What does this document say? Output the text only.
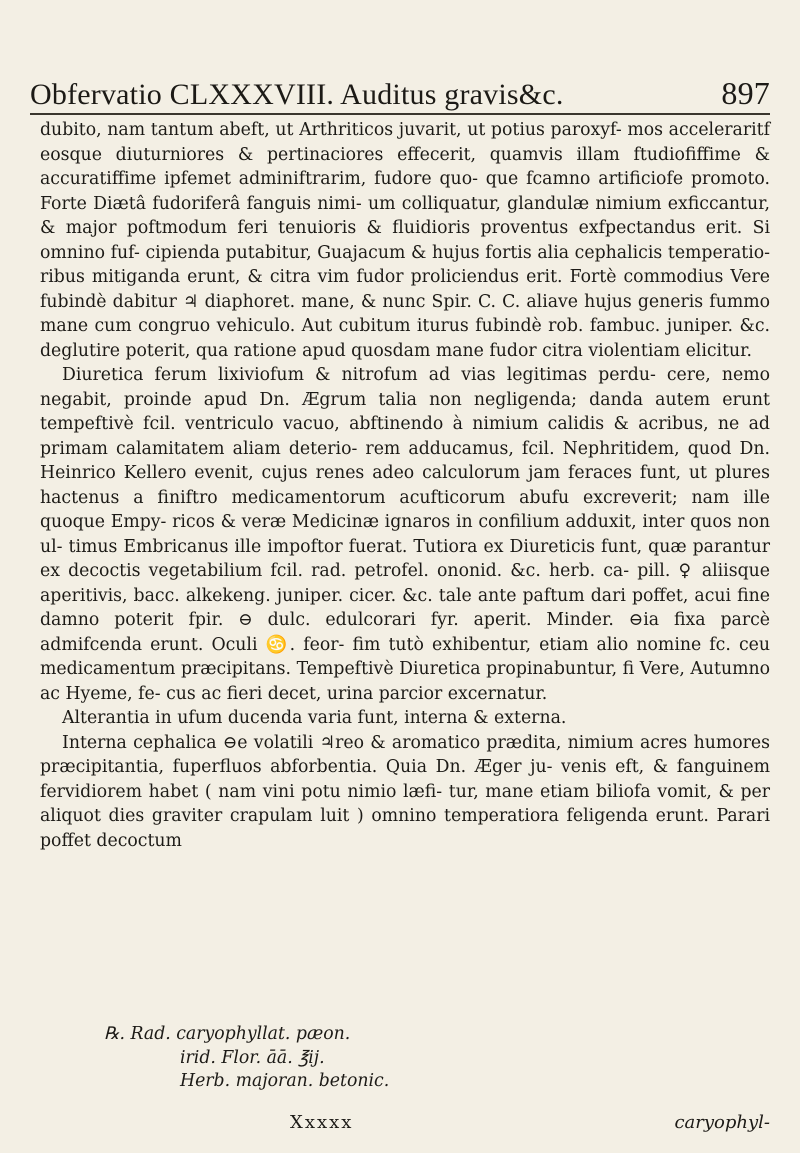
Obfervatio CLXXXVIII. Auditus gravis&c.	897

dubito, nam tantum abeft, ut Arthriticos juvarit, ut potius paroxyf- mos acceleraritf eosque diuturniores & pertinaciores effecerit, quamvis illam ftudiofiffime & accuratiffime ipfemet adminiftrarim, fudore quo- que fcamno artificiofe promoto. Forte Diætâ fudoriferâ fanguis nimi- um colliquatur, glandulæ nimium exficcantur, & major poftmodum feri tenuioris & fluidioris proventus exfpectandus erit. Si omnino fuf- cipienda putabitur, Guajacum & hujus fortis alia cephalicis temperatio- ribus mitiganda erunt, & citra vim fudor proliciendus erit. Fortè commodius Vere fubindè dabitur ♃ diaphoret. mane, & nunc Spir. C. C. aliave hujus generis fummo mane cum congruo vehiculo. Aut cubitum iturus fubindè rob. fambuc. juniper. &c. deglutire poterit, qua ratione apud quosdam mane fudor citra violentiam elicitur.

Diuretica ferum lixiviofum & nitrofum ad vias legitimas perdu- cere, nemo negabit, proinde apud Dn. Ægrum talia non negligenda; danda autem erunt tempeftivè fcil. ventriculo vacuo, abftinendo à nimium calidis & acribus, ne ad primam calamitatem aliam deterio- rem adducamus, fcil. Nephritidem, quod Dn. Heinrico Kellero evenit, cujus renes adeo calculorum jam feraces funt, ut plures hactenus a finiftro medicamentorum acufticorum abufu excreverit; nam ille quoque Empy- ricos & veræ Medicinæ ignaros in confilium adduxit, inter quos non ul- timus Embricanus ille impoftor fuerat. Tutiora ex Diureticis funt, quæ parantur ex decoctis vegetabilium fcil. rad. petrofel. ononid. &c. herb. ca- pill. ♀ aliisque aperitivis, bacc. alkekeng. juniper. cicer. &c. tale ante paftum dari poffet, acui fine damno poterit fpir. ⊖ dulc. edulcorari fyr. aperit. Minder. ⊖ia fixa parcè admifcenda erunt. Oculi ♋. feor- fim tutò exhibentur, etiam alio nomine fc. ceu medicamentum præcipitans. Tempeftivè Diuretica propinabuntur, fi Vere, Autumno ac Hyeme, fe- cus ac fieri decet, urina parcior excernatur.

Alterantia in ufum ducenda varia funt, interna & externa.

Interna cephalica ⊖e volatili ♃reo & aromatico prædita, nimium acres humores præcipitantia, fuperfluos abforbentia. Quia Dn. Æger ju- venis eft, & fanguinem fervidiorem habet ( nam vini potu nimio læfi- tur, mane etiam biliofa vomit, & per aliquot dies graviter crapulam luit ) omnino temperatiora feligenda erunt. Parari poffet decoctum

℞. Rad. caryophyllat. pæon.
irid. Flor. āā. ℥ij.
Herb. majoran. betonic.
Xxxxx	caryophyl-
